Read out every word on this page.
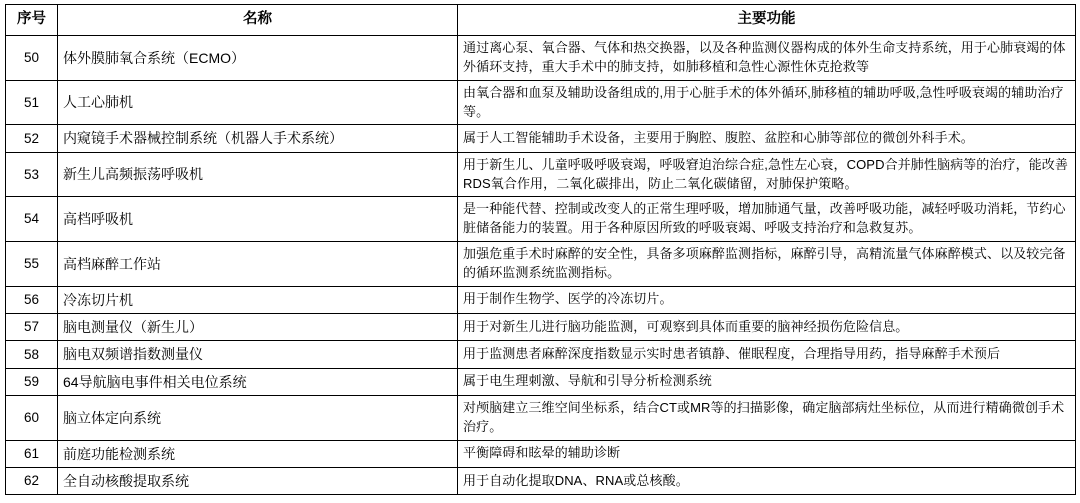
序号	名称	主要功能
50	体外膜肺氧合系统（ECMO）	通过离心泵、氧合器、气体和热交换器，以及各种监测仪器构成的体外生命支持系统，用于心肺衰竭的体外循环支持，重大手术中的肺支持，如肺移植和急性心源性休克抢救等
51	人工心肺机	由氧合器和血泵及辅助设备组成的,用于心脏手术的体外循环,肺移植的辅助呼吸,急性呼吸衰竭的辅助治疗等。
52	内窥镜手术器械控制系统（机器人手术系统）	属于人工智能辅助手术设备，主要用于胸腔、腹腔、盆腔和心肺等部位的微创外科手术。
53	新生儿高频振荡呼吸机	用于新生儿、儿童呼吸呼吸衰竭，呼吸窘迫治综合症,急性左心衰，COPD合并肺性脑病等的治疗，能改善RDS氧合作用，二氧化碳排出，防止二氧化碳储留，对肺保护策略。
54	高档呼吸机	是一种能代替、控制或改变人的正常生理呼吸，增加肺通气量，改善呼吸功能，减轻呼吸功消耗，节约心脏储备能力的装置。用于各种原因所致的呼吸衰竭、呼吸支持治疗和急救复苏。
55	高档麻醉工作站	加强危重手术时麻醉的安全性，具备多项麻醉监测指标，麻醉引导，高精流量气体麻醉模式、以及较完备的循环监测系统监测指标。
56	冷冻切片机	用于制作生物学、医学的冷冻切片。
57	脑电测量仪（新生儿）	用于对新生儿进行脑功能监测，可观察到具体而重要的脑神经损伤危险信息。
58	脑电双频谱指数测量仪	用于监测患者麻醉深度指数显示实时患者镇静、催眠程度，合理指导用药，指导麻醉手术预后
59	64导航脑电事件相关电位系统	属于电生理刺激、导航和引导分析检测系统
60	脑立体定向系统	对颅脑建立三维空间坐标系，结合CT或MR等的扫描影像，确定脑部病灶坐标位，从而进行精确微创手术治疗。
61	前庭功能检测系统	平衡障碍和眩晕的辅助诊断
62	全自动核酸提取系统	用于自动化提取DNA、RNA或总核酸。
